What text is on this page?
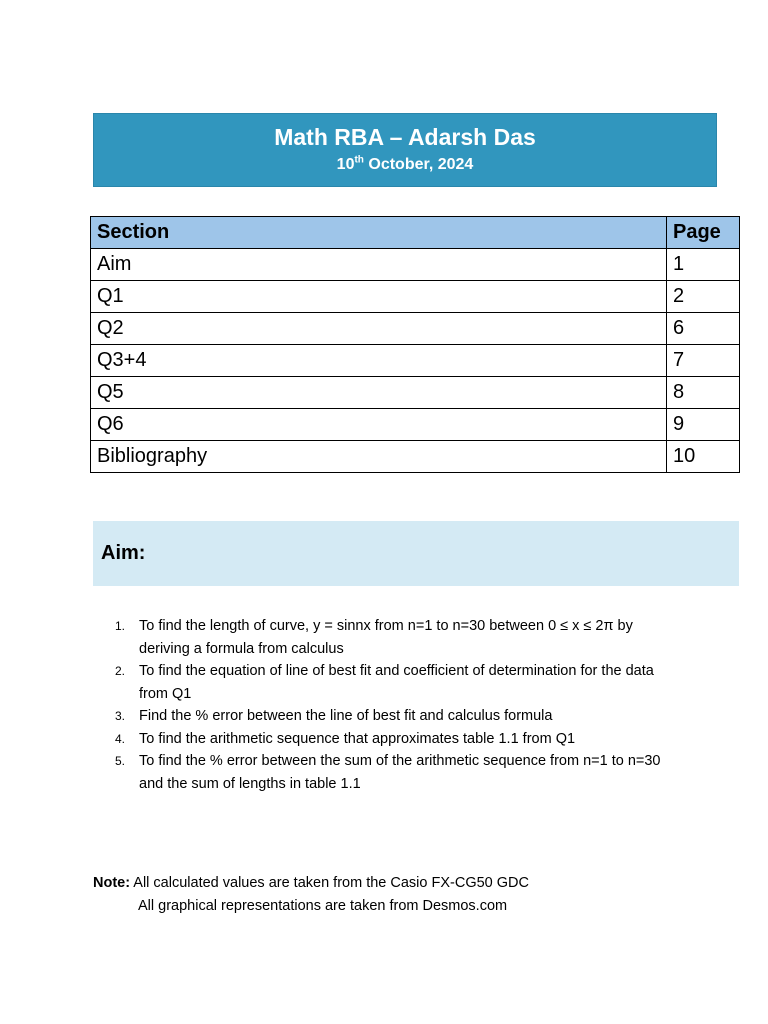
Math RBA – Adarsh Das
10th October, 2024
Section	Page
Aim	1
Q1	2
Q2	6
Q3+4	7
Q5	8
Q6	9
Bibliography	10
Aim:
1. To find the length of curve, y = sinnx from n=1 to n=30 between 0 ≤ x ≤ 2π by deriving a formula from calculus
2. To find the equation of line of best fit and coefficient of determination for the data from Q1
3. Find the % error between the line of best fit and calculus formula
4. To find the arithmetic sequence that approximates table 1.1 from Q1
5. To find the % error between the sum of the arithmetic sequence from n=1 to n=30 and the sum of lengths in table 1.1
Note: All calculated values are taken from the Casio FX-CG50 GDC
All graphical representations are taken from Desmos.com
